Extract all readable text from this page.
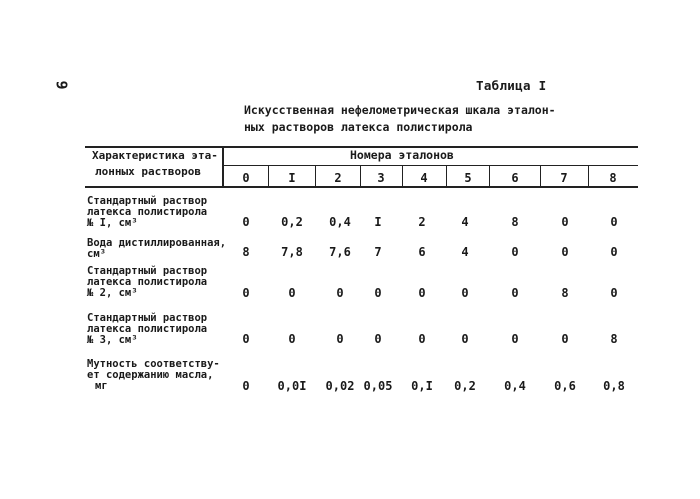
9	Таблица I
Искусственная нефелометрическая шкала эталон-
ных растворов латекса полистирола
Характеристика эта-
лонных растворов
Номера эталонов
0	I	2	3	4	5	6	7	8
Стандартный раствор
латекса полистирола
№ I, см³	0	0,2	0,4	I	2	4	8	0	0
Вода дистиллированная,
см³	8	7,8	7,6	7	6	4	0	0	0
Стандартный раствор
латекса полистирола
№ 2, см³	0	0	0	0	0	0	0	8	0
Стандартный раствор
латекса полистирола
№ 3, см³	0	0	0	0	0	0	0	0	8
Мутность соответству-
ет содержанию масла,
мг	0	0,0I	0,02 0,05	0,I	0,2	0,4	0,6	0,8
